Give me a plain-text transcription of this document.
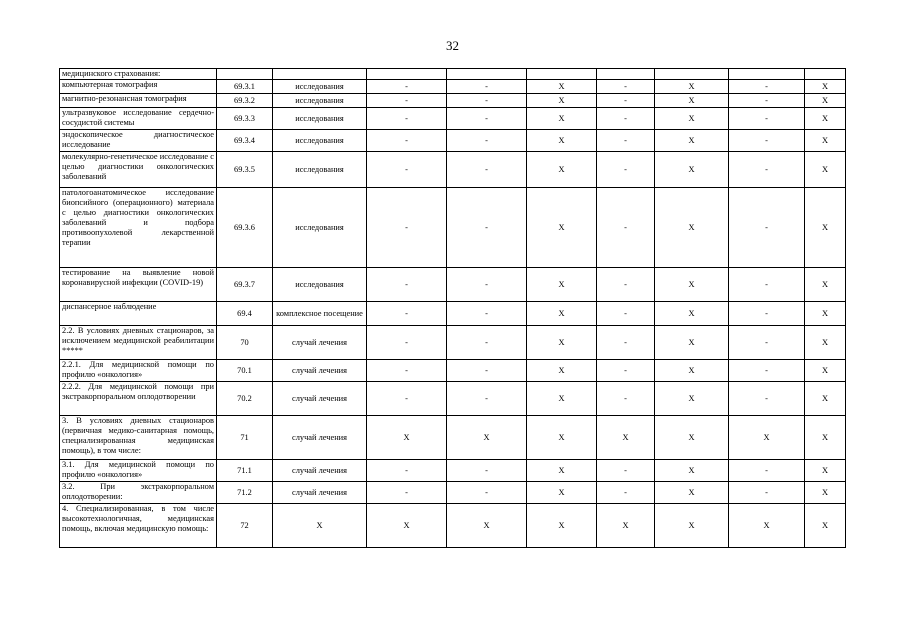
32
медицинского страхования:									
компьютерная томография	69.3.1	исследования	-	-	X	-	X	-	X
магнитно-резонансная томография	69.3.2	исследования	-	-	X	-	X	-	X
ультразвуковое исследование сердечно-сосудистой системы	69.3.3	исследования	-	-	X	-	X	-	X
эндоскопическое диагностическое исследование	69.3.4	исследования	-	-	X	-	X	-	X
молекулярно-генетическое исследование с целью диагностики онкологических заболеваний	69.3.5	исследования	-	-	X	-	X	-	X
патологоанатомическое исследование биопсийного (операционного) материала с целью диагностики онкологических заболеваний и подбора противоопухолевой лекарственной терапии	69.3.6	исследования	-	-	X	-	X	-	X
тестирование на выявление новой коронавирусной инфекции (COVID-19)	69.3.7	исследования	-	-	X	-	X	-	X
диспансерное наблюдение	69.4	комплексное посещение	-	-	X	-	X	-	X
2.2. В условиях дневных стационаров, за исключением медицинской реабилитации *****	70	случай лечения	-	-	X	-	X	-	X
2.2.1. Для медицинской помощи по профилю «онкология»	70.1	случай лечения	-	-	X	-	X	-	X
2.2.2. Для медицинской помощи при экстракорпоральном оплодотворении	70.2	случай лечения	-	-	X	-	X	-	X
3. В условиях дневных стационаров (первичная медико-санитарная помощь, специализированная медицинская помощь), в том числе:	71	случай лечения	X	X	X	X	X	X	X
3.1. Для медицинской помощи по профилю «онкология»	71.1	случай лечения	-	-	X	-	X	-	X
3.2. При экстракорпоральном оплодотворении:	71.2	случай лечения	-	-	X	-	X	-	X
4. Специализированная, в том числе высокотехнологичная, медицинская помощь, включая медицинскую помощь:	72	X	X	X	X	X	X	X	X
